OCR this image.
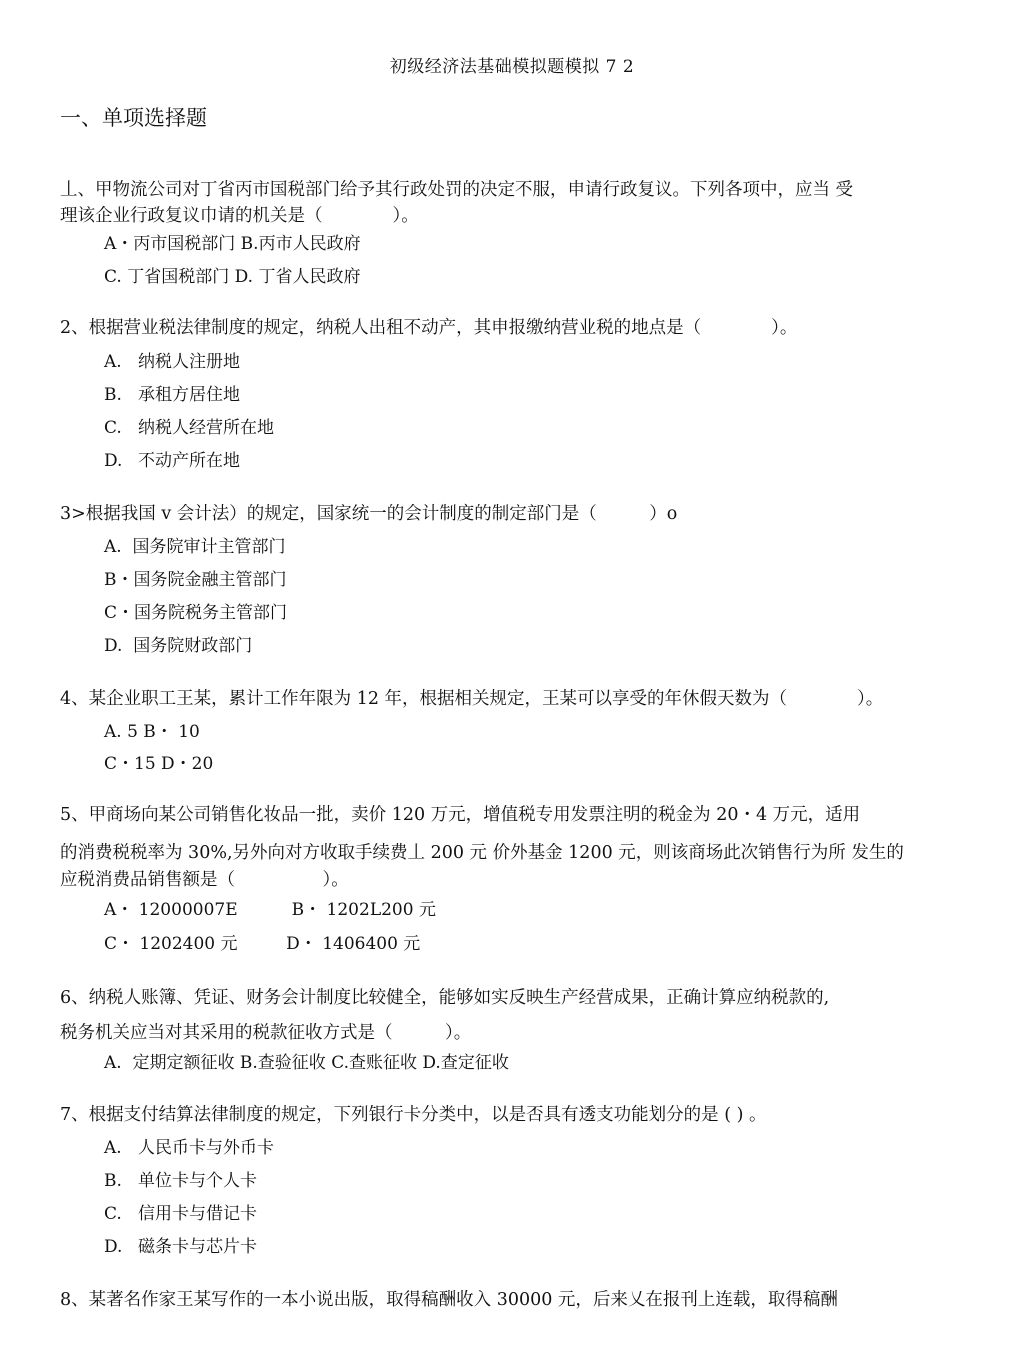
初级经济法基础模拟题模拟 7 2
一、单项选择题
丄、甲物流公司对丁省丙市国税部门给予其行政处罚的决定不服，申请行政复议。下列各项中，应当 受
理该企业行政复议巾请的机关是（　　　　）。
A・丙市国税部门 B.丙市人民政府
C. 丁省国税部门 D. 丁省人民政府
2、根据营业税法律制度的规定，纳税人出租不动产，其申报缴纳营业税的地点是（　　　　）。
A. 纳税人注册地
B. 承租方居住地
C. 纳税人经营所在地
D. 不动产所在地
3>根据我国 v 会计法）的规定，国家统一的会计制度的制定部门是（　　　）o
A.  国务院审计主管部门
B・国务院金融主管部门
C・国务院税务主管部门
D.  国务院财政部门
4、某企业职工王某，累计工作年限为 12 年，根据相关规定，王某可以享受的年休假天数为（　　　　）。
A. 5 B・ 10
C・15 D・20
5、甲商场向某公司销售化妆品一批，卖价 120 万元，增值税专用发票注明的税金为 20・4 万元，适用
的消费税税率为 30%,另外向对方收取手续费丄 200 元 价外基金 1200 元，则该商场此次销售行为所 发生的
应税消费品销售额是（　　　　　）。
A・ 12000007E          B・ 1202L200 元
C・ 1202400 元         D・ 1406400 元
6、纳税人账簿、凭证、财务会计制度比较健全，能够如实反映生产经营成果，正确计算应纳税款的,
税务机关应当对其采用的税款征收方式是（　　　）。
A.  定期定额征收 B.查验征收 C.查账征收 D.查定征收
7、根据支付结算法律制度的规定，下列银行卡分类中，以是否具有透支功能划分的是 ( ) 。
A. 人民币卡与外币卡
B. 单位卡与个人卡
C. 信用卡与借记卡
D. 磁条卡与芯片卡
8、某著名作家王某写作的一本小说出版，取得稿酬收入 30000 元，后来乂在报刊上连载，取得稿酬
